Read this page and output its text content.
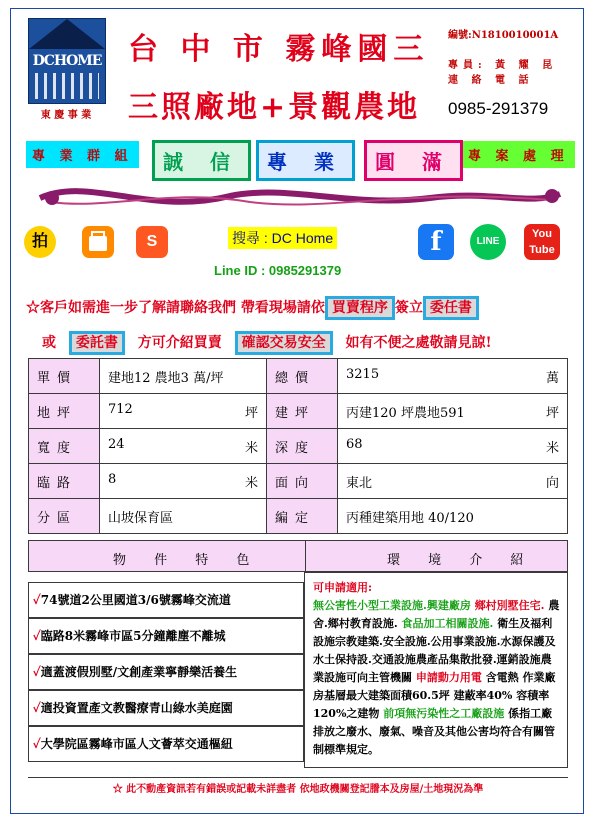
DCHOME
東 慶 事 業
台 中 市 霧峰國三
三照廠地+景觀農地
編號:N1810010001A
專員: 黃 耀 昆
連 絡 電 話
0985-291379
專 業 群 組	專 案 處 理
誠 信	專 業	圓 滿
拍	S	搜尋 : DC Home
Line ID : 0985291379
f	LINE
You Tube
☆客戶如需進一步了解請聯絡我們 帶看現場請依 買賣程序 簽立 委任書
或 委託書 方可介紹買賣 確認交易安全 如有不便之處敬請見諒!
單價	建地12 農地3 萬/坪	總價	3215 萬

地坪	712 坪	建坪	丙建120 坪農地591 坪

寬度	24 米	深度	68 米

臨路	8 米	面向	東北 向

分區	山坡保育區	編定	丙種建築用地 40/120
物 件 特 色	環 境 介 紹
✓74號道2公里國道3/6號霧峰交流道
✓臨路8米霧峰市區5分鐘離塵不離城
✓適蓋渡假別墅/文創產業寧靜樂活養生
✓適投資置產文教醫療青山綠水美庭園
✓大學院區霧峰市區人文薈萃交通樞紐
可申請適用:
無公害性小型工業設施.興建廠房 鄉村別墅住宅. 農舍.鄉村教育設施. 食品加工相關設施. 衛生及福利設施宗教建築.安全設施.公用事業設施.水源保護及水土保持設.交通設施農產品集散批發.運銷設施農業設施可向主管機關 申請動力用電 含電熱 作業廠房基層最大建築面積60.5坪 建蔽率40% 容積率120%之建物 前項無污染性之工廠設施 係指工廠排放之廢水、廢氣、噪音及其他公害均符合有關管制標準規定。
☆ 此不動產資訊若有錯誤或記載未詳盡者 依地政機關登記謄本及房屋/土地現況為準
